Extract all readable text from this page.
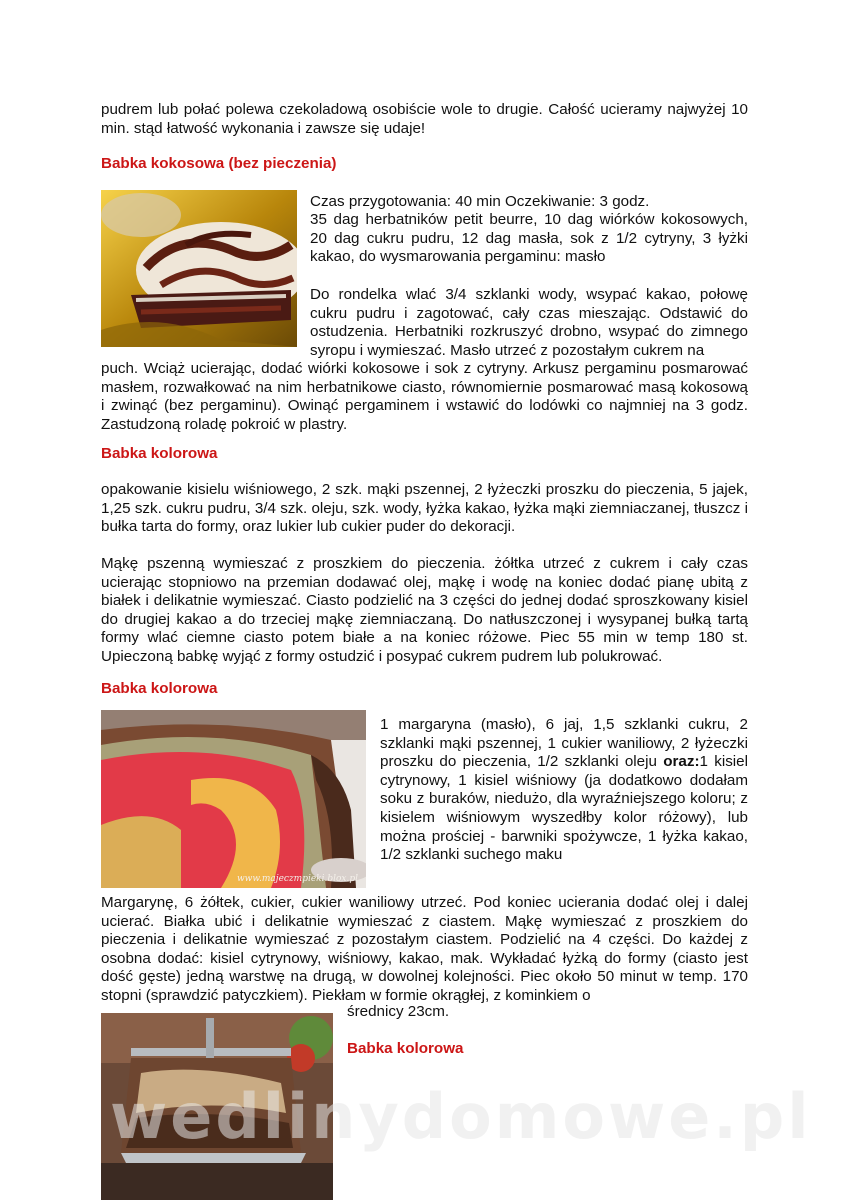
pudrem lub połać polewa czekoladową osobiście wole to drugie. Całość ucieramy najwyżej 10 min. stąd łatwość wykonania i zawsze się udaje!

Babka kokosowa (bez pieczenia)

Czas przygotowania: 40 min Oczekiwanie: 3 godz.

35 dag herbatników petit beurre, 10 dag wiórków kokosowych, 20 dag cukru pudru, 12 dag masła, sok z 1/2 cytryny, 3 łyżki kakao, do wysmarowania pergaminu: masło

Do rondelka wlać 3/4 szklanki wody, wsypać kakao, połowę cukru pudru i zagotować, cały czas mieszając. Odstawić do ostudzenia. Herbatniki rozkruszyć drobno, wsypać do zimnego syropu i wymieszać. Masło utrzeć z pozostałym cukrem na

puch. Wciąż ucierając, dodać wiórki kokosowe i sok z cytryny. Arkusz pergaminu posmarować masłem, rozwałkować na nim herbatnikowe ciasto, równomiernie posmarować masą kokosową i zwinąć (bez pergaminu). Owinąć pergaminem i wstawić do lodówki co najmniej na 3 godz. Zastudzoną roladę pokroić w plastry.

Babka kolorowa

opakowanie kisielu wiśniowego, 2 szk. mąki pszennej, 2 łyżeczki proszku do pieczenia, 5 jajek, 1,25 szk. cukru pudru, 3/4 szk. oleju, szk. wody, łyżka kakao, łyżka mąki ziemniaczanej, tłuszcz i bułka tarta do formy, oraz lukier lub cukier puder do dekoracji.

Mąkę pszenną wymieszać z proszkiem do pieczenia. żółtka utrzeć z cukrem i cały czas ucierając stopniowo na przemian dodawać olej, mąkę i wodę na koniec dodać pianę ubitą z białek i delikatnie wymieszać. Ciasto podzielić na 3 części do jednej dodać sproszkowany kisiel do drugiej kakao a do trzeciej mąkę ziemniaczaną. Do natłuszczonej i wysypanej bułką tartą formy wlać ciemne ciasto potem białe a na koniec różowe. Piec 55 min w temp 180 st. Upieczoną babkę wyjąć z formy ostudzić i posypać cukrem pudrem lub polukrować.

Babka kolorowa

www.majeczmpieki.blox.pl

1 margaryna (masło), 6 jaj, 1,5 szklanki cukru, 2 szklanki mąki pszennej, 1 cukier waniliowy, 2 łyżeczki proszku do pieczenia, 1/2 szklanki oleju oraz:1 kisiel cytrynowy, 1 kisiel wiśniowy (ja dodatkowo dodałam soku z buraków, niedużo, dla wyraźniejszego koloru; z kisielem wiśniowym wyszedłby kolor różowy), lub można prościej - barwniki spożywcze, 1 łyżka kakao, 1/2 szklanki suchego maku

Margarynę, 6 żółtek, cukier, cukier waniliowy utrzeć. Pod koniec ucierania dodać olej i dalej ucierać. Białka ubić i delikatnie wymieszać z ciastem. Mąkę wymieszać z proszkiem do pieczenia i delikatnie wymieszać z pozostałym ciastem. Podzielić na 4 części. Do każdej z osobna dodać: kisiel cytrynowy, wiśniowy, kakao, mak. Wykładać łyżką do formy (ciasto jest dość gęste) jedną warstwę na drugą, w dowolnej kolejności. Piec około 50 minut w temp. 170 stopni (sprawdzić patyczkiem). Piekłam w formie okrągłej, z kominkiem o

średnicy 23cm.

Babka kolorowa

wedlinydomowe.pl
